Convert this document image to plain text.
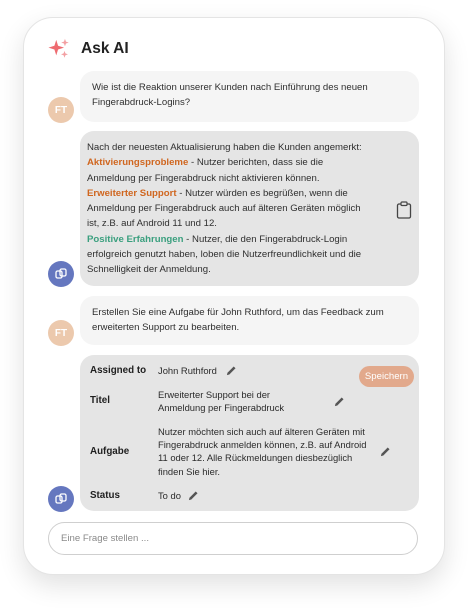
Ask AI
FT
Wie ist die Reaktion unserer Kunden nach Einführung des neuen Fingerabdruck-Logins?
Nach der neuesten Aktualisierung haben die Kunden angemerkt:
Aktivierungsprobleme - Nutzer berichten, dass sie die Anmeldung per Fingerabdruck nicht aktivieren können.
Erweiterter Support - Nutzer würden es begrüßen, wenn die Anmeldung per Fingerabdruck auch auf älteren Geräten möglich ist, z.B. auf Android 11 und 12.
Positive Erfahrungen - Nutzer, die den Fingerabdruck-Login erfolgreich genutzt haben, loben die Nutzerfreundlichkeit und die Schnelligkeit der Anmeldung.
FT
Erstellen Sie eine Aufgabe für John Ruthford, um das Feedback zum erweiterten Support zu bearbeiten.
Assigned to John Ruthford
Speichern
Titel
Erweiterter Support bei der Anmeldung per Fingerabdruck
Aufgabe
Nutzer möchten sich auch auf älteren Geräten mit Fingerabdruck anmelden können, z.B. auf Android 11 oder 12. Alle Rückmeldungen diesbezüglich finden Sie hier.
Status	To do
Eine Frage stellen ...
